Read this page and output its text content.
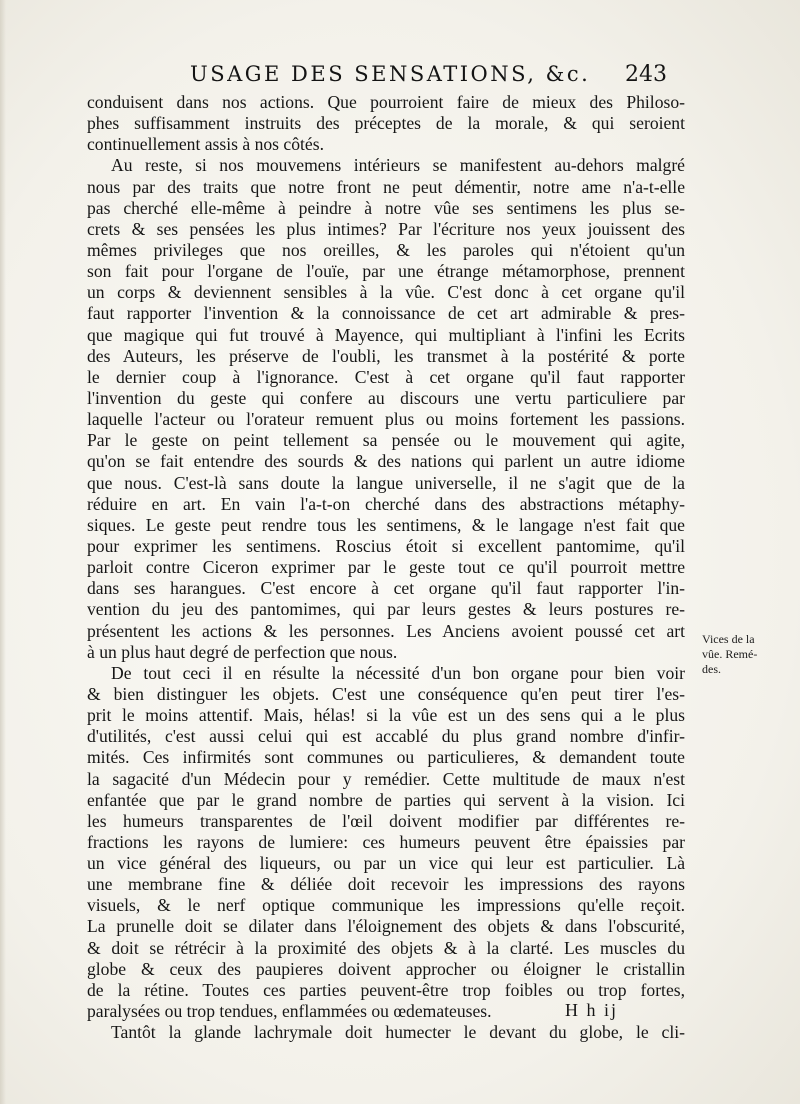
USAGE DES SENSATIONS, &c.	243
conduisent dans nos actions. Que pourroient faire de mieux des Philoso-
phes suffisamment instruits des préceptes de la morale, & qui seroient
continuellement assis à nos côtés.
Au reste, si nos mouvemens intérieurs se manifestent au-dehors malgré
nous par des traits que notre front ne peut démentir, notre ame n'a-t-elle
pas cherché elle-même à peindre à notre vûe ses sentimens les plus se-
crets & ses pensées les plus intimes? Par l'écriture nos yeux jouissent des
mêmes privileges que nos oreilles, & les paroles qui n'étoient qu'un
son fait pour l'organe de l'ouïe, par une étrange métamorphose, prennent
un corps & deviennent sensibles à la vûe. C'est donc à cet organe qu'il
faut rapporter l'invention & la connoissance de cet art admirable & pres-
que magique qui fut trouvé à Mayence, qui multipliant à l'infini les Ecrits
des Auteurs, les préserve de l'oubli, les transmet à la postérité & porte
le dernier coup à l'ignorance. C'est à cet organe qu'il faut rapporter
l'invention du geste qui confere au discours une vertu particuliere par
laquelle l'acteur ou l'orateur remuent plus ou moins fortement les passions.
Par le geste on peint tellement sa pensée ou le mouvement qui agite,
qu'on se fait entendre des sourds & des nations qui parlent un autre idiome
que nous. C'est-là sans doute la langue universelle, il ne s'agit que de la
réduire en art. En vain l'a-t-on cherché dans des abstractions métaphy-
siques. Le geste peut rendre tous les sentimens, & le langage n'est fait que
pour exprimer les sentimens. Roscius étoit si excellent pantomime, qu'il
parloit contre Ciceron exprimer par le geste tout ce qu'il pourroit mettre
dans ses harangues. C'est encore à cet organe qu'il faut rapporter l'in-
vention du jeu des pantomimes, qui par leurs gestes & leurs postures re-
présentent les actions & les personnes. Les Anciens avoient poussé cet art
à un plus haut degré de perfection que nous.
De tout ceci il en résulte la nécessité d'un bon organe pour bien voir
& bien distinguer les objets. C'est une conséquence qu'en peut tirer l'es-
prit le moins attentif. Mais, hélas! si la vûe est un des sens qui a le plus
d'utilités, c'est aussi celui qui est accablé du plus grand nombre d'infir-
mités. Ces infirmités sont communes ou particulieres, & demandent toute
la sagacité d'un Médecin pour y remédier. Cette multitude de maux n'est
enfantée que par le grand nombre de parties qui servent à la vision. Ici
les humeurs transparentes de l'œil doivent modifier par différentes re-
fractions les rayons de lumiere: ces humeurs peuvent être épaissies par
un vice général des liqueurs, ou par un vice qui leur est particulier. Là
une membrane fine & déliée doit recevoir les impressions des rayons
visuels, & le nerf optique communique les impressions qu'elle reçoit.
La prunelle doit se dilater dans l'éloignement des objets & dans l'obscurité,
& doit se rétrécir à la proximité des objets & à la clarté. Les muscles du
globe & ceux des paupieres doivent approcher ou éloigner le cristallin
de la rétine. Toutes ces parties peuvent-être trop foibles ou trop fortes,
paralysées ou trop tendues, enflammées ou œdemateuses.
Tantôt la glande lachrymale doit humecter le devant du globe, le cli-
Vices de la
vûe. Remé-
des.
H h ij
